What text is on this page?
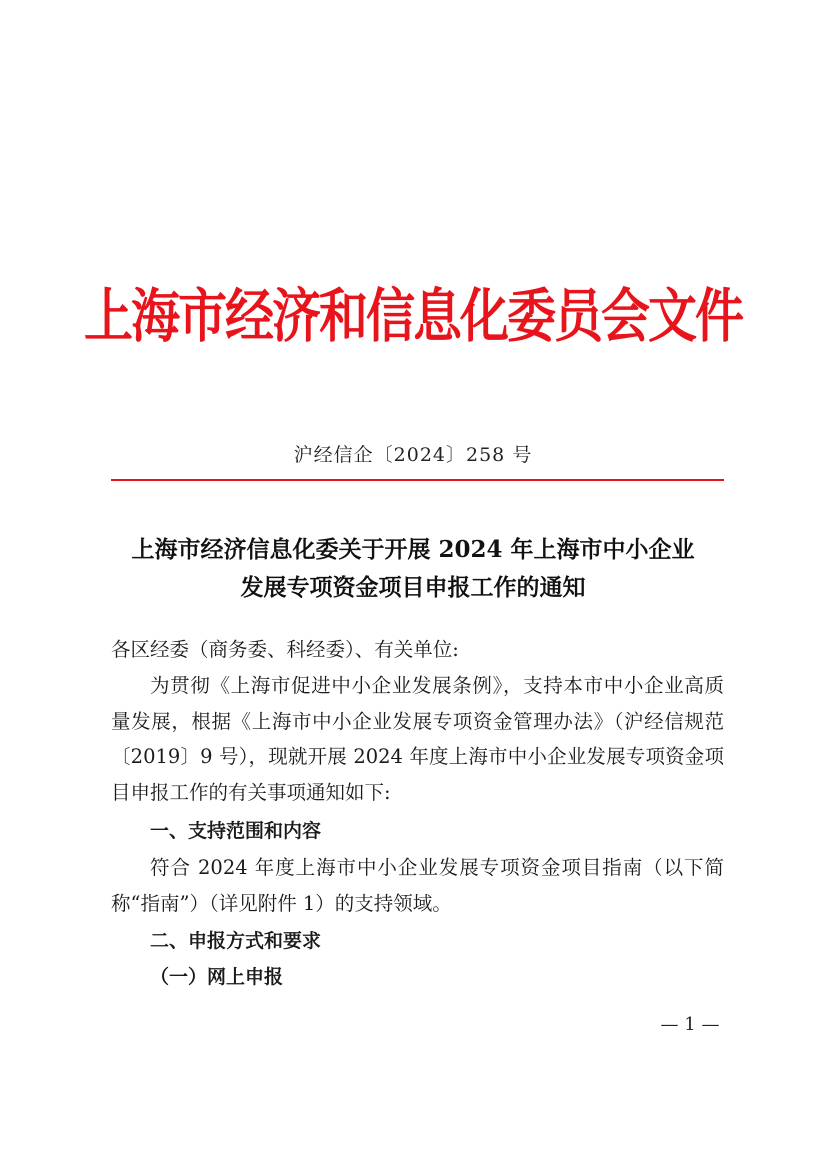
上海市经济和信息化委员会文件
沪经信企〔2024〕258 号
上海市经济信息化委关于开展 2024 年上海市中小企业
发展专项资金项目申报工作的通知
各区经委（商务委、科经委）、有关单位:
为贯彻《上海市促进中小企业发展条例》，支持本市中小企业高质量发展，根据《上海市中小企业发展专项资金管理办法》（沪经信规范〔2019〕9 号），现就开展 2024 年度上海市中小企业发展专项资金项目申报工作的有关事项通知如下:
一、支持范围和内容
符合 2024 年度上海市中小企业发展专项资金项目指南（以下简称“指南”）（详见附件 1）的支持领域。
二、申报方式和要求
（一）网上申报
— 1 —
